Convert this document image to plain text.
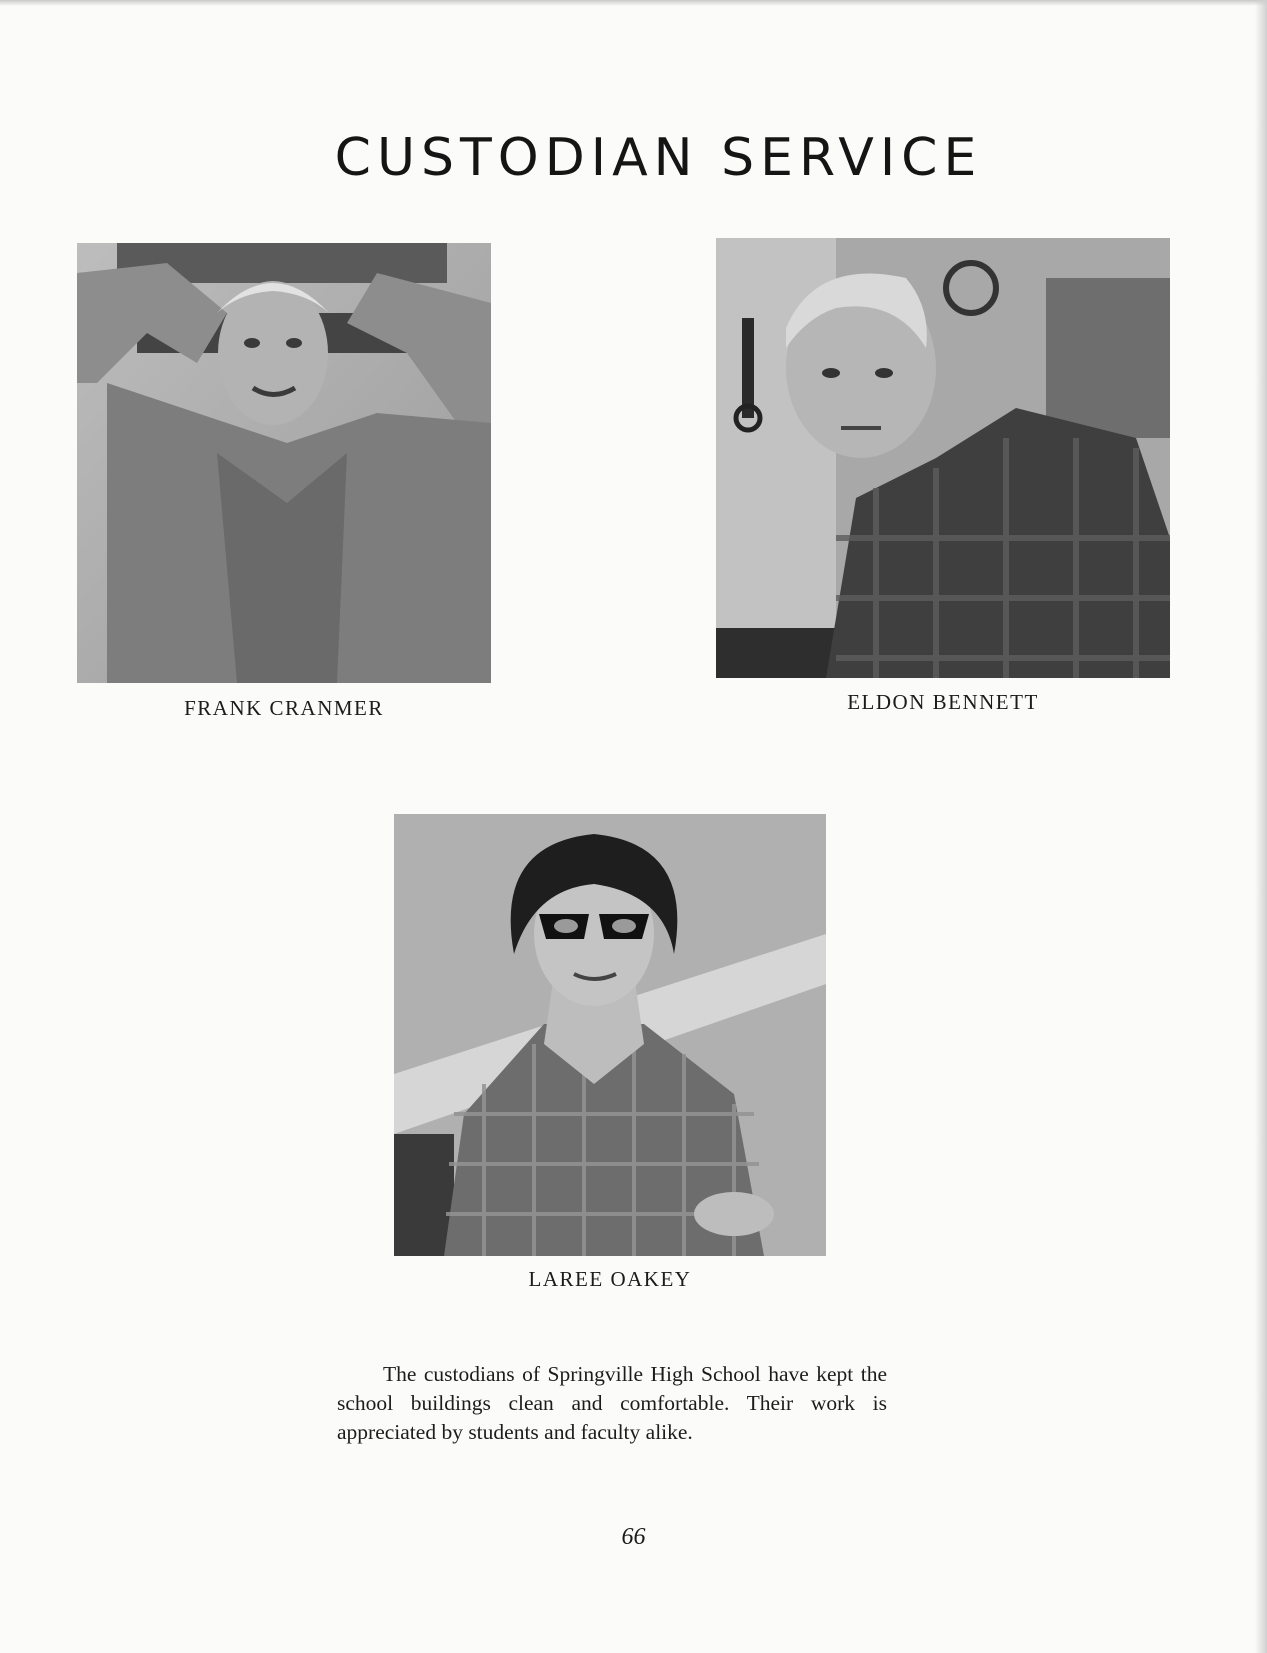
CUSTODIAN SERVICE

FRANK CRANMER	ELDON BENNETT

LAREE OAKEY

The custodians of Springville High School have kept the school buildings clean and comfortable. Their work is appreciated by students and faculty alike.

66
